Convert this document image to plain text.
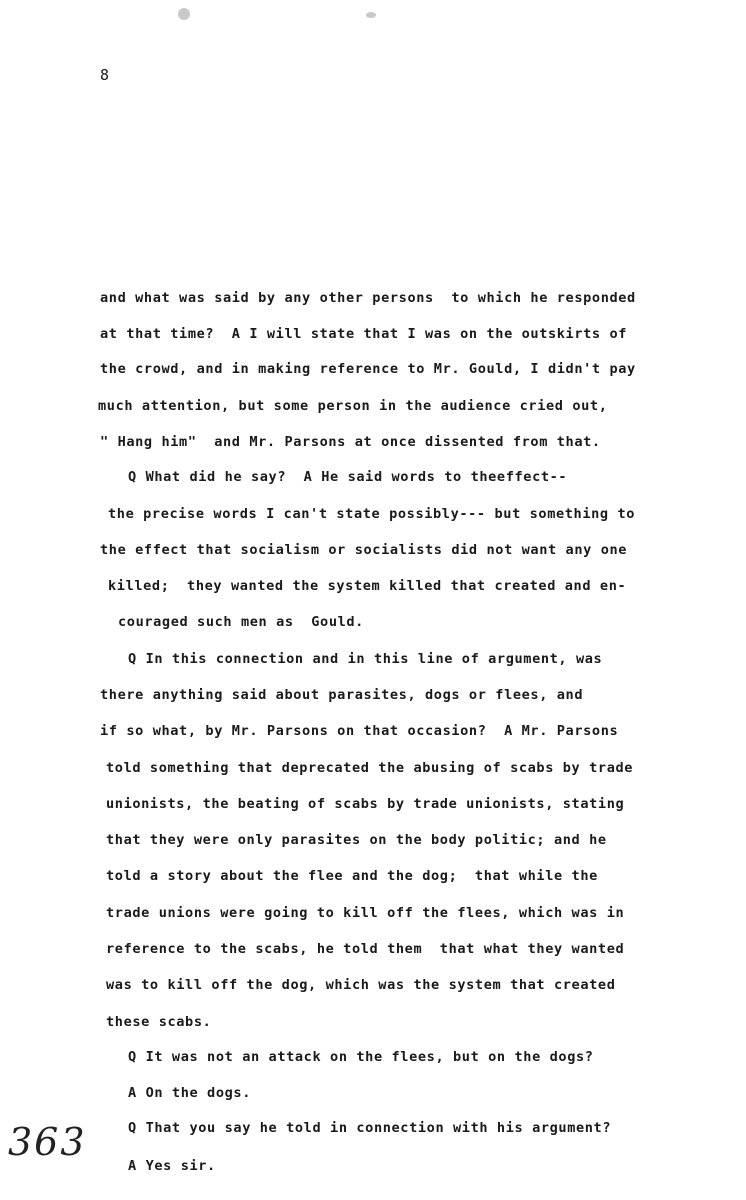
8
and what was said by any other persons  to which he responded
at that time?  A I will state that I was on the outskirts of
the crowd, and in making reference to Mr. Gould, I didn't pay
much attention, but some person in the audience cried out,
" Hang him"  and Mr. Parsons at once dissented from that.
Q What did he say?  A He said words to theeffect--
the precise words I can't state possibly--- but something to
the effect that socialism or socialists did not want any one
killed;  they wanted the system killed that created and en-
couraged such men as  Gould.
Q In this connection and in this line of argument, was
there anything said about parasites, dogs or flees, and
if so what, by Mr. Parsons on that occasion?  A Mr. Parsons
told something that deprecated the abusing of scabs by trade
unionists, the beating of scabs by trade unionists, stating
that they were only parasites on the body politic; and he
told a story about the flee and the dog;  that while the
trade unions were going to kill off the flees, which was in
reference to the scabs, he told them  that what they wanted
was to kill off the dog, which was the system that created
these scabs.
Q It was not an attack on the flees, but on the dogs?
A On the dogs.
Q That you say he told in connection with his argument?
A Yes sir.
363
